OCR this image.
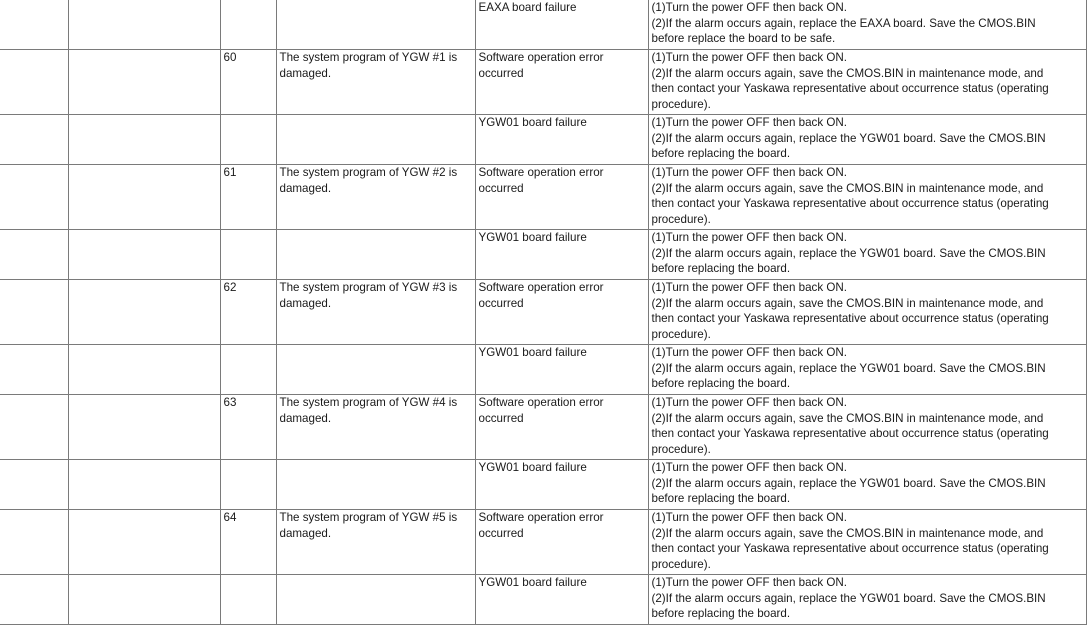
				EAXA board failure	(1)Turn the power OFF then back ON.
(2)If the alarm occurs again, replace the EAXA board. Save the CMOS.BIN
before replace the board to be safe.

		60	The system program of YGW #1 is damaged.	Software operation error occurred	(1)Turn the power OFF then back ON.
(2)If the alarm occurs again, save the CMOS.BIN in maintenance mode, and
then contact your Yaskawa representative about occurrence status (operating
procedure).

				YGW01 board failure	(1)Turn the power OFF then back ON.
(2)If the alarm occurs again, replace the YGW01 board. Save the CMOS.BIN
before replacing the board.

		61	The system program of YGW #2 is damaged.	Software operation error occurred	(1)Turn the power OFF then back ON.
(2)If the alarm occurs again, save the CMOS.BIN in maintenance mode, and
then contact your Yaskawa representative about occurrence status (operating
procedure).

				YGW01 board failure	(1)Turn the power OFF then back ON.
(2)If the alarm occurs again, replace the YGW01 board. Save the CMOS.BIN
before replacing the board.

		62	The system program of YGW #3 is damaged.	Software operation error occurred	(1)Turn the power OFF then back ON.
(2)If the alarm occurs again, save the CMOS.BIN in maintenance mode, and
then contact your Yaskawa representative about occurrence status (operating
procedure).

				YGW01 board failure	(1)Turn the power OFF then back ON.
(2)If the alarm occurs again, replace the YGW01 board. Save the CMOS.BIN
before replacing the board.

		63	The system program of YGW #4 is damaged.	Software operation error occurred	(1)Turn the power OFF then back ON.
(2)If the alarm occurs again, save the CMOS.BIN in maintenance mode, and
then contact your Yaskawa representative about occurrence status (operating
procedure).

				YGW01 board failure	(1)Turn the power OFF then back ON.
(2)If the alarm occurs again, replace the YGW01 board. Save the CMOS.BIN
before replacing the board.

		64	The system program of YGW #5 is damaged.	Software operation error occurred	(1)Turn the power OFF then back ON.
(2)If the alarm occurs again, save the CMOS.BIN in maintenance mode, and
then contact your Yaskawa representative about occurrence status (operating
procedure).

				YGW01 board failure	(1)Turn the power OFF then back ON.
(2)If the alarm occurs again, replace the YGW01 board. Save the CMOS.BIN
before replacing the board.
